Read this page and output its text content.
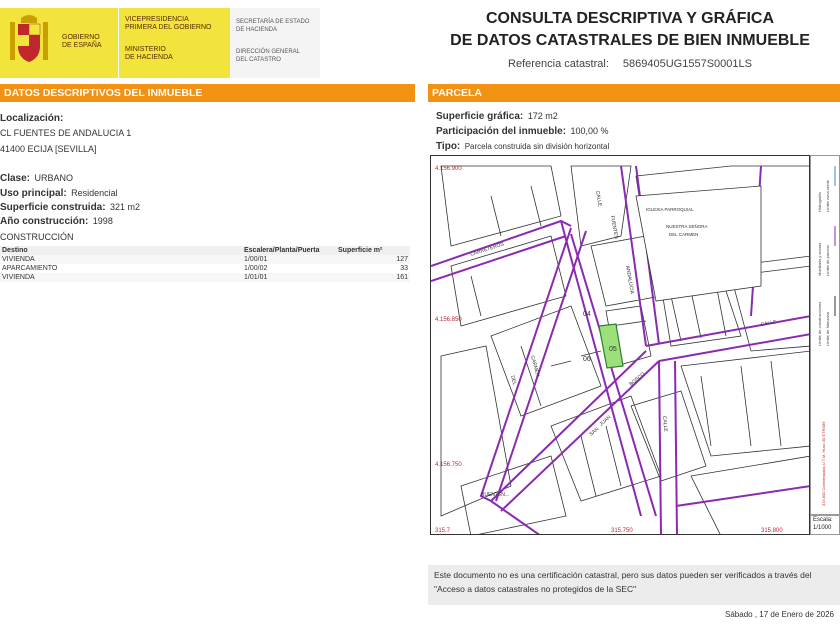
GOBIERNO
DE ESPAÑA
VICEPRESIDENCIA
PRIMERA DEL GOBIERNO
MINISTERIO
DE HACIENDA
SECRETARÍA DE ESTADO
DE HACIENDA
DIRECCIÓN GENERAL
DEL CATASTRO
CONSULTA DESCRIPTIVA Y GRÁFICA
DE DATOS CATASTRALES DE BIEN INMUEBLE
Referencia catastral: 5869405UG1557S0001LS
DATOS DESCRIPTIVOS DEL INMUEBLE	PARCELA
Localización:
CL FUENTES DE ANDALUCIA 1
41400 ECIJA [SEVILLA]
Clase: URBANO
Uso principal: Residencial
Superficie construida: 321 m2
Año construcción: 1998
CONSTRUCCIÓN
Destino	Escalera/Planta/Puerta	Superficie m²
VIVIENDA	1/00/01	127
APARCAMIENTO	1/00/02	33
VIVIENDA	1/01/01	161
Superficie gráfica: 172 m2
Participación del inmueble: 100,00 %
Tipo: Parcela construida sin división horizontal
IGLESIA PARROQUIAL
NUESTRA SEÑORA
DEL CARMEN
04
05
06
4.156.900
4.156.850
4.156.750
315.7	315.750	315.800
CALLE
CARRETEROS
DEL
CARMEN
SAN
JUAN
BOSCO
FUENTES
ANDALUCIA
CALLE
CALLE
BUENTEN...
Hidrografía Límite zona verde
Mobiliario y aceras Límite de parcela
Límite de construcciones Límite de Manzana
315,800 Coordenadas U.T.M. Huso 30 ETRS89
Escala:
1/1000
Este documento no es una certificación catastral, pero sus datos pueden ser verificados a través del "Acceso a datos catastrales no protegidos de la SEC"
Sábado , 17 de Enero de 2026
